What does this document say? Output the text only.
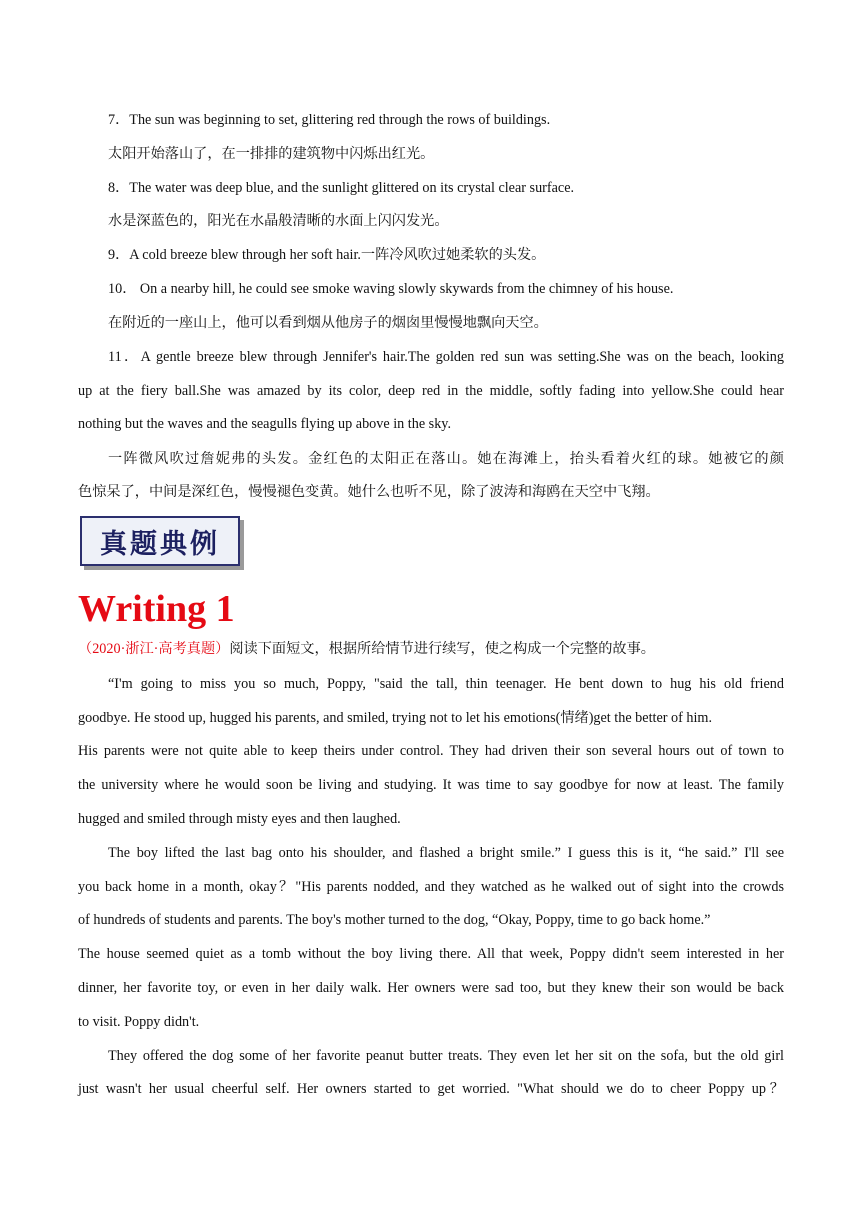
7．The sun was beginning to set, glittering red through the rows of buildings.
太阳开始落山了，在一排排的建筑物中闪烁出红光。
8．The water was deep blue, and the sunlight glittered on its crystal clear surface.
水是深蓝色的，阳光在水晶般清晰的水面上闪闪发光。
9．A cold breeze blew through her soft hair.一阵冷风吹过她柔软的头发。
10． On a nearby hill, he could see smoke waving slowly skywards from the chimney of his house.
在附近的一座山上，他可以看到烟从他房子的烟囱里慢慢地飘向天空。
11．A gentle breeze blew through Jennifer's hair.The golden red sun was setting.She was on the beach, looking
up at the fiery ball.She was amazed by its color, deep red in the middle, softly fading into yellow.She could hear
nothing but the waves and the seagulls flying up above in the sky.
一阵微风吹过詹妮弗的头发。金红色的太阳正在落山。她在海滩上，抬头看着火红的球。她被它的颜
色惊呆了，中间是深红色，慢慢褪色变黄。她什么也听不见，除了波涛和海鸥在天空中飞翔。
真题典例
Writing 1
（2020·浙江·高考真题）阅读下面短文，根据所给情节进行续写，使之构成一个完整的故事。
“I'm going to miss you so much, Poppy, "said the tall, thin teenager. He bent down to hug his old friend
goodbye. He stood up, hugged his parents, and smiled, trying not to let his emotions(情绪)get the better of him.
His parents were not quite able to keep theirs under control. They had driven their son several hours out of town to
the university where he would soon be living and studying. It was time to say goodbye for now at least. The family
hugged and smiled through misty eyes and then laughed.
The boy lifted the last bag onto his shoulder, and flashed a bright smile.” I guess this is it, “he said.” I'll see
you back home in a month, okay？"His parents nodded, and they watched as he walked out of sight into the crowds
of hundreds of students and parents. The boy's mother turned to the dog, “Okay, Poppy, time to go back home.”
The house seemed quiet as a tomb without the boy living there. All that week, Poppy didn't seem interested in her
dinner, her favorite toy, or even in her daily walk. Her owners were sad too, but they knew their son would be back
to visit. Poppy didn't.
They offered the dog some of her favorite peanut butter treats. They even let her sit on the sofa, but the old girl
just wasn't her usual cheerful self. Her owners started to get worried. "What should we do to cheer Poppy up？
